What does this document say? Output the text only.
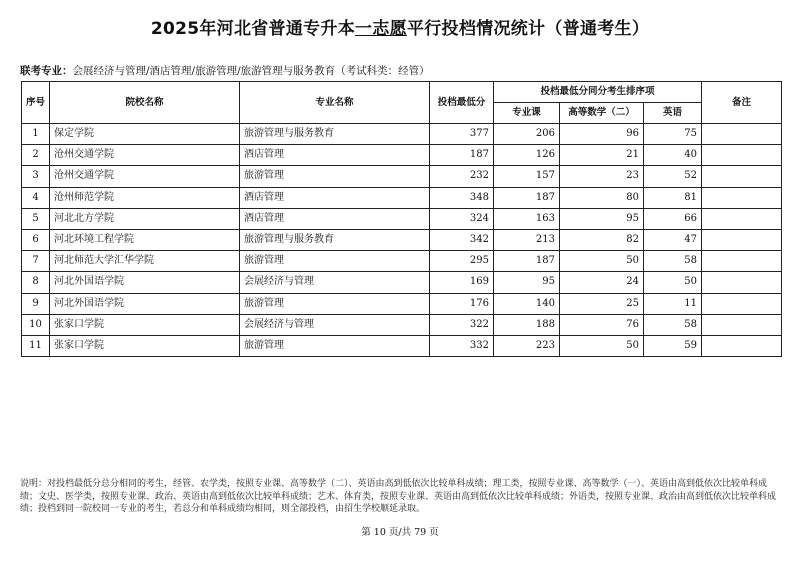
2025年河北省普通专升本一志愿平行投档情况统计（普通考生）
联考专业：会展经济与管理/酒店管理/旅游管理/旅游管理与服务教育（考试科类：经管）
序号	院校名称	专业名称	投档最低分	投档最低分同分考生排序项			备注
				专业课	高等数学（二）	英语	
1	保定学院	旅游管理与服务教育	377	206	96	75	
2	沧州交通学院	酒店管理	187	126	21	40	
3	沧州交通学院	旅游管理	232	157	23	52	
4	沧州师范学院	酒店管理	348	187	80	81	
5	河北北方学院	酒店管理	324	163	95	66	
6	河北环境工程学院	旅游管理与服务教育	342	213	82	47	
7	河北师范大学汇华学院	旅游管理	295	187	50	58	
8	河北外国语学院	会展经济与管理	169	95	24	50	
9	河北外国语学院	旅游管理	176	140	25	11	
10	张家口学院	会展经济与管理	322	188	76	58	
11	张家口学院	旅游管理	332	223	50	59	
说明：对投档最低分总分相同的考生，经管、农学类，按照专业课、高等数学（二）、英语由高到低依次比较单科成绩；理工类，按照专业课、高等数学（一）、英语由高到低依次比较单科成绩；文史、医学类，按照专业课、政治、英语由高到低依次比较单科成绩；艺术、体育类，按照专业课、英语由高到低依次比较单科成绩；外语类，按照专业课、政治由高到低依次比较单科成绩；投档到同一院校同一专业的考生，若总分和单科成绩均相同，则全部投档，由招生学校顺延录取。
第 10 页/共 79 页
